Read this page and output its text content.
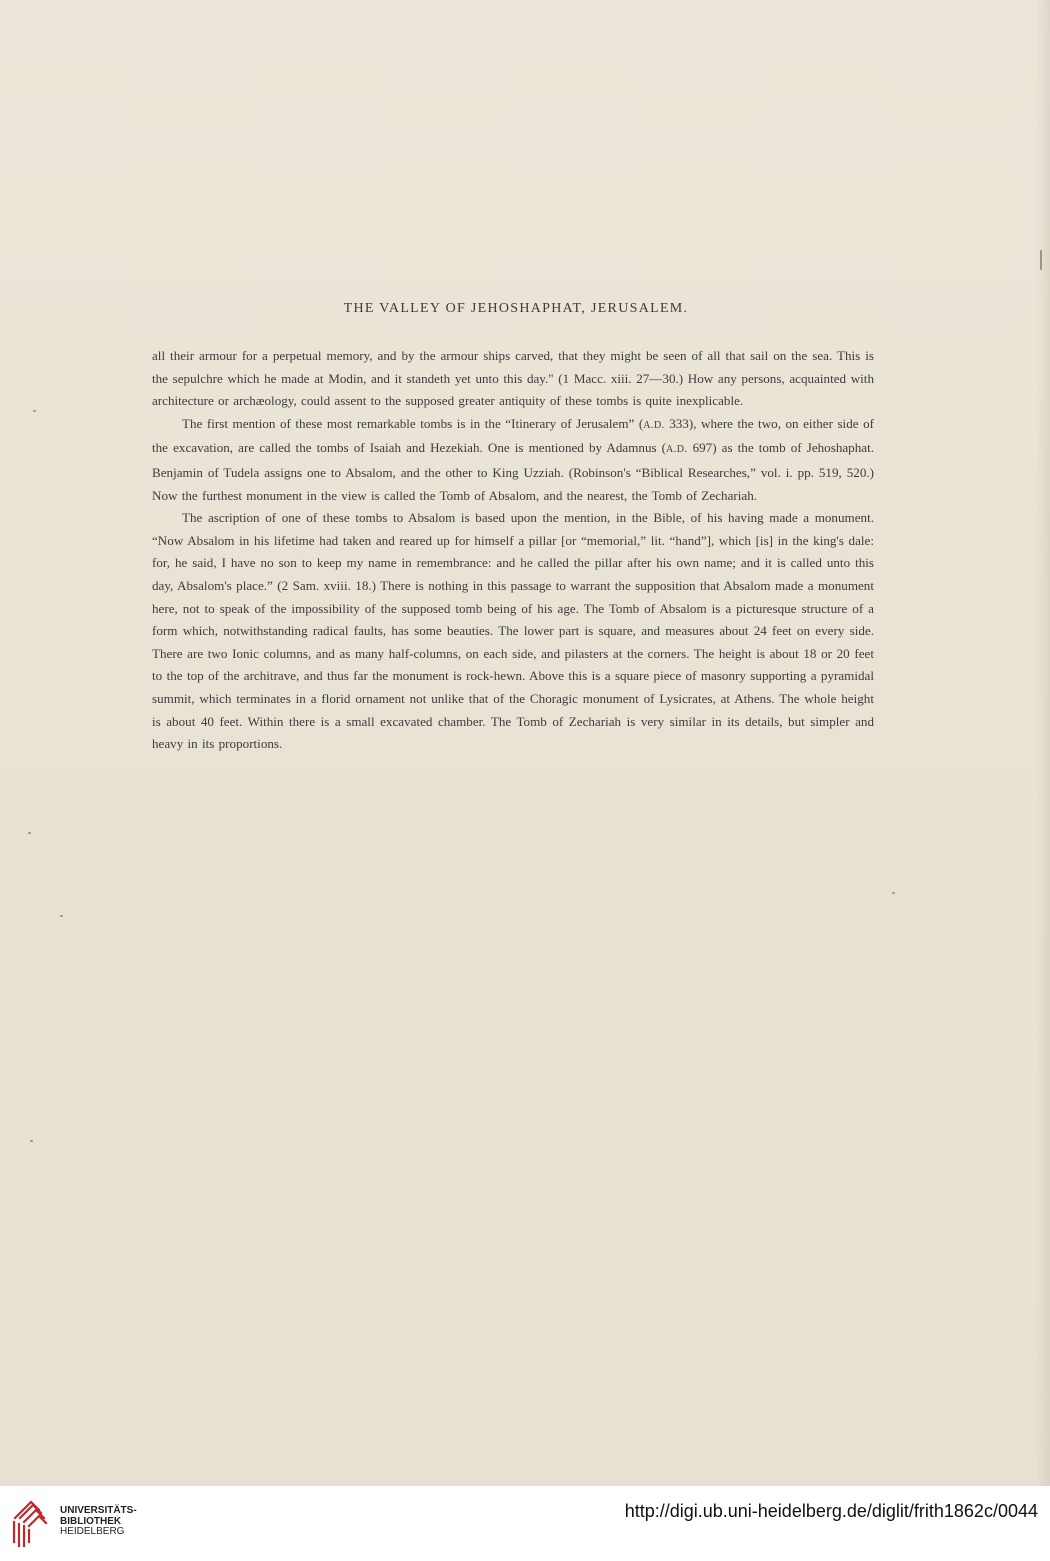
THE VALLEY OF JEHOSHAPHAT, JERUSALEM.

all their armour for a perpetual memory, and by the armour ships carved, that they might be seen of all that sail on the sea. This is the sepulchre which he made at Modin, and it standeth yet unto this day." (1 Macc. xiii. 27—30.) How any persons, acquainted with architecture or archæology, could assent to the supposed greater antiquity of these tombs is quite inexplicable.

The first mention of these most remarkable tombs is in the “Itinerary of Jerusalem” (A.D. 333), where the two, on either side of the excavation, are called the tombs of Isaiah and Hezekiah. One is mentioned by Adamnus (A.D. 697) as the tomb of Jehoshaphat. Benjamin of Tudela assigns one to Absalom, and the other to King Uzziah. (Robinson's “Biblical Researches,” vol. i. pp. 519, 520.) Now the furthest monument in the view is called the Tomb of Absalom, and the nearest, the Tomb of Zechariah.

The ascription of one of these tombs to Absalom is based upon the mention, in the Bible, of his having made a monument. “Now Absalom in his lifetime had taken and reared up for himself a pillar [or “memorial,” lit. “hand”], which [is] in the king's dale: for, he said, I have no son to keep my name in remembrance: and he called the pillar after his own name; and it is called unto this day, Absalom's place.” (2 Sam. xviii. 18.) There is nothing in this passage to warrant the supposition that Absalom made a monument here, not to speak of the impossibility of the supposed tomb being of his age. The Tomb of Absalom is a picturesque structure of a form which, notwithstanding radical faults, has some beauties. The lower part is square, and measures about 24 feet on every side. There are two Ionic columns, and as many half-columns, on each side, and pilasters at the corners. The height is about 18 or 20 feet to the top of the architrave, and thus far the monument is rock-hewn. Above this is a square piece of masonry supporting a pyramidal summit, which terminates in a florid ornament not unlike that of the Choragic monument of Lysicrates, at Athens. The whole height is about 40 feet. Within there is a small excavated chamber. The Tomb of Zechariah is very similar in its details, but simpler and heavy in its proportions.

UNIVERSITÄTS-
BIBLIOTHEK
HEIDELBERG
http://digi.ub.uni-heidelberg.de/diglit/frith1862c/0044
